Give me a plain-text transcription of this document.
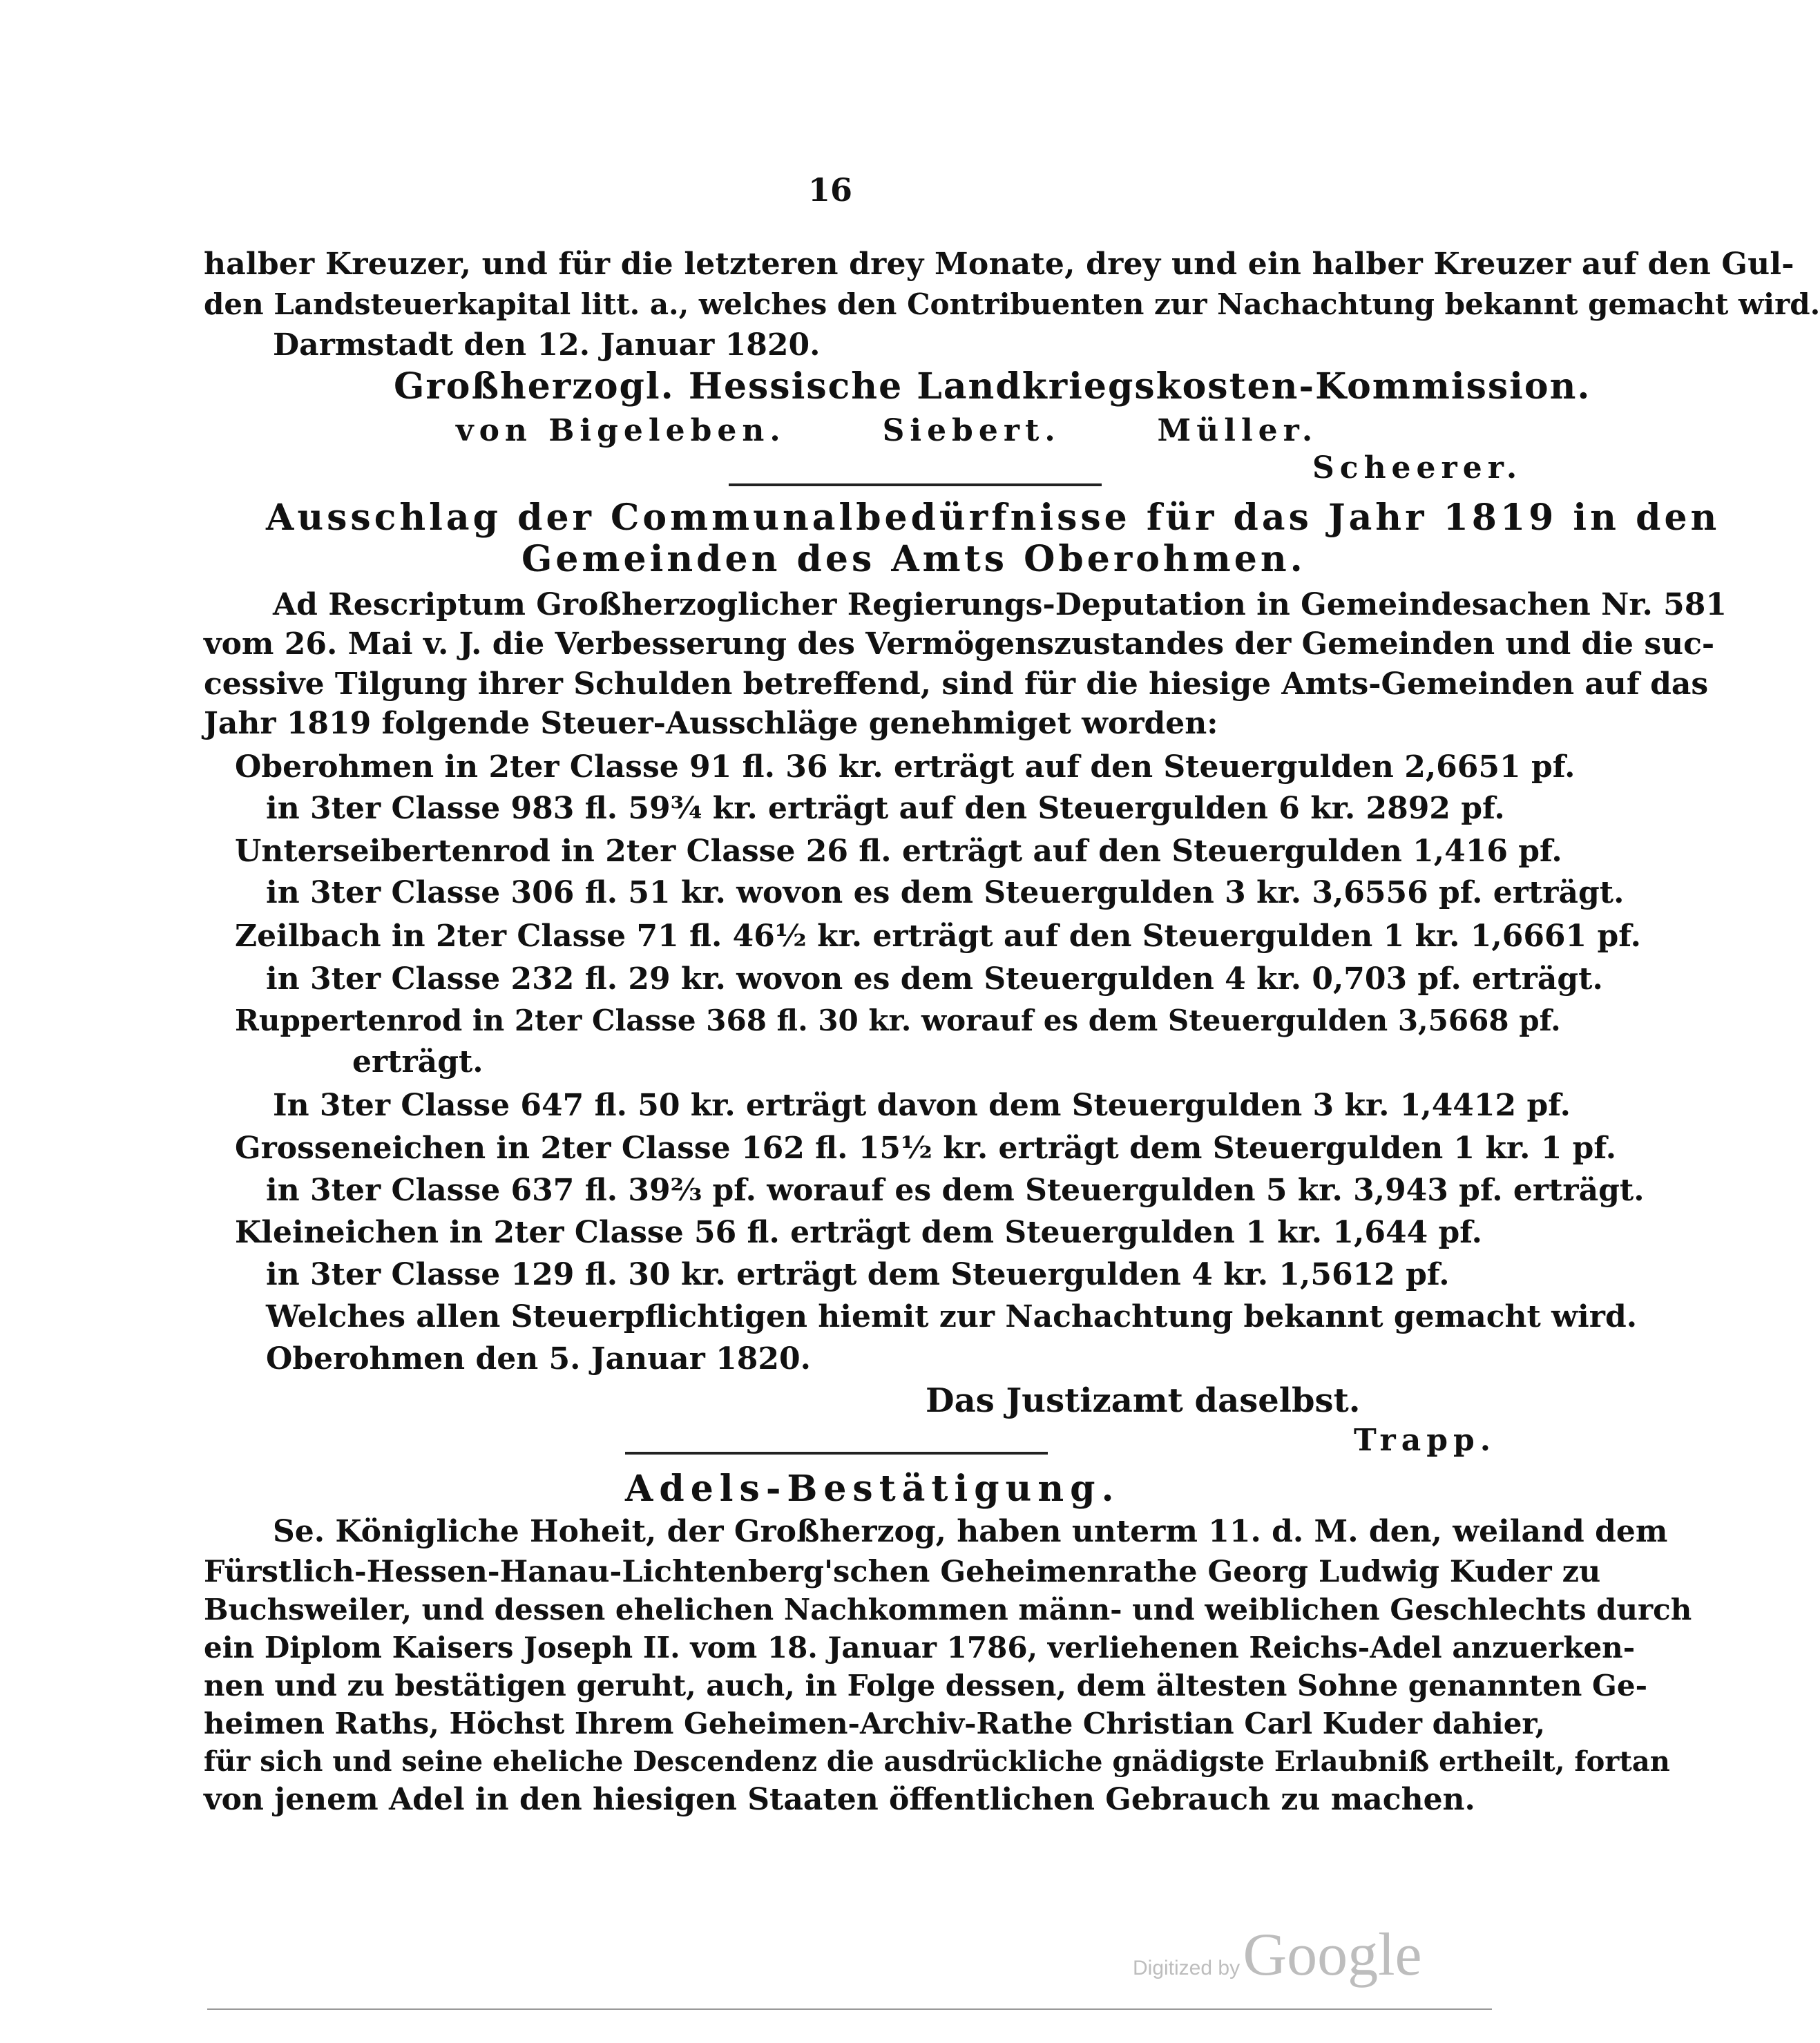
16
halber Kreuzer, und für die letzteren drey Monate, drey und ein halber Kreuzer auf den Gul-
den Landsteuerkapital litt. a., welches den Contribuenten zur Nachachtung bekannt gemacht wird.
Darmstadt den 12. Januar 1820.
Großherzogl. Hessische Landkriegskosten-Kommission.
von Bigeleben.      Siebert.      Müller.
Scheerer.
Ausschlag der Communalbedürfnisse für das Jahr 1819 in den
Gemeinden des Amts Oberohmen.
Ad Rescriptum Großherzoglicher Regierungs-Deputation in Gemeindesachen Nr. 581
vom 26. Mai v. J. die Verbesserung des Vermögenszustandes der Gemeinden und die suc-
cessive Tilgung ihrer Schulden betreffend, sind für die hiesige Amts-Gemeinden auf das
Jahr 1819 folgende Steuer-Ausschläge genehmiget worden:
Oberohmen in 2ter Classe 91 fl. 36 kr. erträgt auf den Steuergulden 2,6651 pf.
in 3ter Classe 983 fl. 59¾ kr. erträgt auf den Steuergulden 6 kr. 2892 pf.
Unterseibertenrod in 2ter Classe 26 fl. erträgt auf den Steuergulden 1,416 pf.
in 3ter Classe 306 fl. 51 kr. wovon es dem Steuergulden 3 kr. 3,6556 pf. erträgt.
Zeilbach in 2ter Classe 71 fl. 46½ kr. erträgt auf den Steuergulden 1 kr. 1,6661 pf.
in 3ter Classe 232 fl. 29 kr. wovon es dem Steuergulden 4 kr. 0,703 pf. erträgt.
Ruppertenrod in 2ter Classe 368 fl. 30 kr. worauf es dem Steuergulden 3,5668 pf.
erträgt.
In 3ter Classe 647 fl. 50 kr. erträgt davon dem Steuergulden 3 kr. 1,4412 pf.
Grosseneichen in 2ter Classe 162 fl. 15½ kr. erträgt dem Steuergulden 1 kr. 1 pf.
in 3ter Classe 637 fl. 39⅔ pf. worauf es dem Steuergulden 5 kr. 3,943 pf. erträgt.
Kleineichen in 2ter Classe 56 fl. erträgt dem Steuergulden 1 kr. 1,644 pf.
in 3ter Classe 129 fl. 30 kr. erträgt dem Steuergulden 4 kr. 1,5612 pf.
Welches allen Steuerpflichtigen hiemit zur Nachachtung bekannt gemacht wird.
Oberohmen den 5. Januar 1820.
Das Justizamt daselbst.
Trapp.
Adels-Bestätigung.
Se. Königliche Hoheit, der Großherzog, haben unterm 11. d. M. den, weiland dem
Fürstlich-Hessen-Hanau-Lichtenberg'schen Geheimenrathe Georg Ludwig Kuder zu
Buchsweiler, und dessen ehelichen Nachkommen männ- und weiblichen Geschlechts durch
ein Diplom Kaisers Joseph II. vom 18. Januar 1786, verliehenen Reichs-Adel anzuerken-
nen und zu bestätigen geruht, auch, in Folge dessen, dem ältesten Sohne genannten Ge-
heimen Raths, Höchst Ihrem Geheimen-Archiv-Rathe Christian Carl Kuder dahier,
für sich und seine eheliche Descendenz die ausdrückliche gnädigste Erlaubniß ertheilt, fortan
von jenem Adel in den hiesigen Staaten öffentlichen Gebrauch zu machen.
Digitized by Google
